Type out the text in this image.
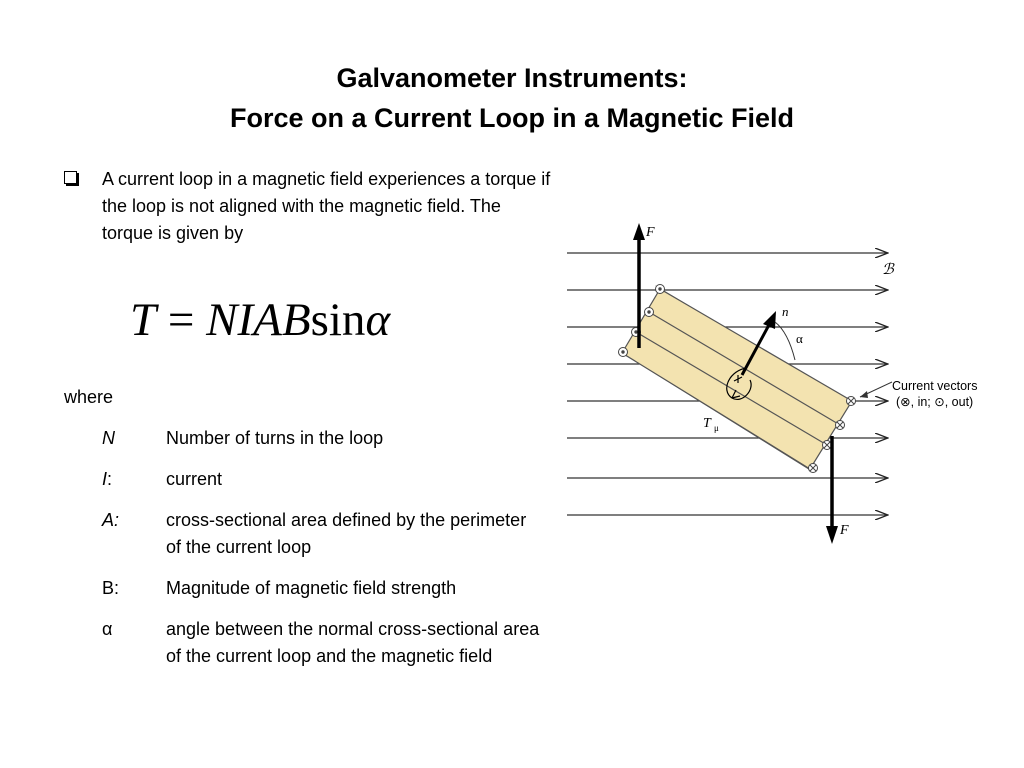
Galvanometer Instruments:
Force on a Current Loop in a Magnetic Field
A current loop in a magnetic field experiences a torque if the loop is not aligned with the magnetic field. The torque is given by
T = NIABsinα
where
N	Number of turns in the loop
I:	current
A:	cross-sectional area defined by the perimeter of the current loop
B:	Magnitude of magnetic field strength
α	angle between the normal cross-sectional area of the current loop and the magnetic field
n
α
F
F
ℬ
T μ
Current vectors
(⊗, in; ⊙, out)
